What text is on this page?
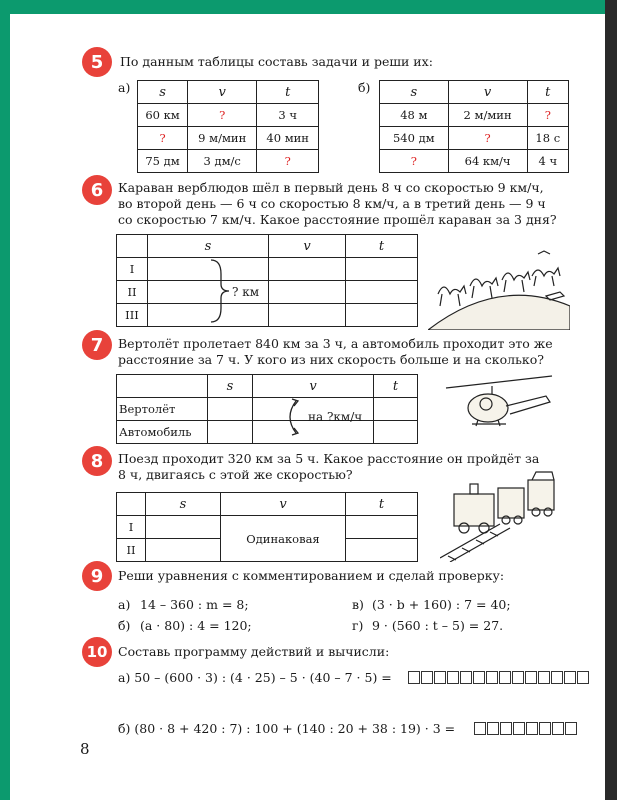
5	По данным таблицы составь задачи и реши их:
а)	б)
s	v	t
60 км	?	3 ч
?	9 м/мин	40 мин
75 дм	3 дм/с	?
s	v	t
48 м	2 м/мин	?
540 дм	?	18 с
?	64 км/ч	4 ч
6	Караван верблюдов шёл в первый день 8 ч со скоростью 9 км/ч,
во второй день — 6 ч со скоростью 8 км/ч, а в третий день — 9 ч
со скоростью 7 км/ч. Какое расстояние прошёл караван за 3 дня?
	s	v	t
I			
II			
III			
? км
7	Вертолёт пролетает 840 км за 3 ч, а автомобиль проходит это же
расстояние за 7 ч. У кого из них скорость больше и на сколько?
	s	v	t
Вертолёт			
Автомобиль			
на ?км/ч
8	Поезд проходит 320 км за 5 ч. Какое расстояние он пройдёт за
8 ч, двигаясь с этой же скоростью?
	s	v	t
I		Одинаковая	
II			
9	Реши уравнения с комментированием и сделай проверку:
а) 14 – 360 : m = 8;
б) (a · 80) : 4 = 120;
в) (3 · b + 160) : 7 = 40;
г) 9 · (560 : t – 5) = 27.
10 Составь программу действий и вычисли:
а) 50 – (600 · 3) : (4 · 25) – 5 · (40 – 7 · 5) =
б) (80 · 8 + 420 : 7) : 100 + (140 : 20 + 38 : 19) · 3 =
8
